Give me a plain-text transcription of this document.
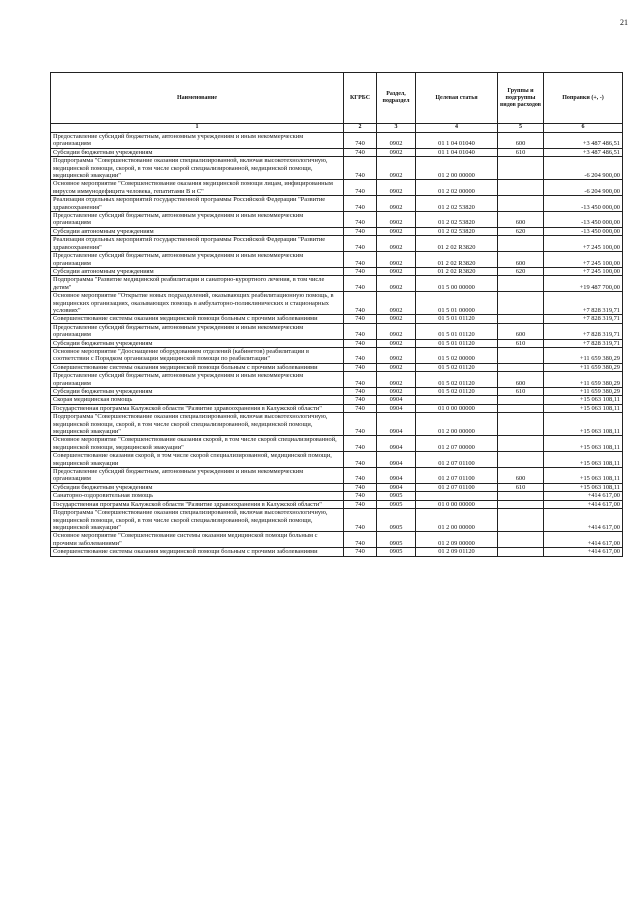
21
Наименование	КГРБС	Раздел, подраздел	Целевая статья	Группы и подгруппы видов расходов	Поправки (+, -)
1	2	3	4	5	6
Предоставление субсидий бюджетным, автономным учреждениям и иным некоммерческим организациям	740	0902	01 1 04 01040	600	+3 487 486,51
Субсидии бюджетным учреждениям	740	0902	01 1 04 01040	610	+3 487 486,51
Подпрограмма "Совершенствование оказания специализированной, включая высокотехнологичную, медицинской помощи, скорой, в том числе скорой специализированной, медицинской помощи, медицинской эвакуации"	740	0902	01 2 00 00000		-6 204 900,00
Основное мероприятие "Совершенствование оказания медицинской помощи лицам, инфицированным вирусом иммунодефицита человека, гепатитами B и C"	740	0902	01 2 02 00000		-6 204 900,00
Реализация отдельных мероприятий государственной программы Российской Федерации "Развитие здравоохранения"	740	0902	01 2 02 53820		-13 450 000,00
Предоставление субсидий бюджетным, автономным учреждениям и иным некоммерческим организациям	740	0902	01 2 02 53820	600	-13 450 000,00
Субсидии автономным учреждениям	740	0902	01 2 02 53820	620	-13 450 000,00
Реализация отдельных мероприятий государственной программы Российской Федерации "Развитие здравоохранения"	740	0902	01 2 02 R3820		+7 245 100,00
Предоставление субсидий бюджетным, автономным учреждениям и иным некоммерческим организациям	740	0902	01 2 02 R3820	600	+7 245 100,00
Субсидии автономным учреждениям	740	0902	01 2 02 R3820	620	+7 245 100,00
Подпрограмма "Развитие медицинской реабилитации и санаторно-курортного лечения, в том числе детям"	740	0902	01 5 00 00000		+19 487 700,00
Основное мероприятие "Открытие новых подразделений, оказывающих реабилитационную помощь, в медицинских организациях, оказывающих помощь в амбулаторно-поликлинических и стационарных условиях"	740	0902	01 5 01 00000		+7 828 319,71
Совершенствование системы оказания медицинской помощи больным с прочими заболеваниями	740	0902	01 5 01 01120		+7 828 319,71
Предоставление субсидий бюджетным, автономным учреждениям и иным некоммерческим организациям	740	0902	01 5 01 01120	600	+7 828 319,71
Субсидии бюджетным учреждениям	740	0902	01 5 01 01120	610	+7 828 319,71
Основное мероприятие "Дооснащение оборудованием отделений (кабинетов) реабилитации в соответствии с Порядком организации медицинской помощи по реабилитации"	740	0902	01 5 02 00000		+11 659 380,29
Совершенствование системы оказания медицинской помощи больным с прочими заболеваниями	740	0902	01 5 02 01120		+11 659 380,29
Предоставление субсидий бюджетным, автономным учреждениям и иным некоммерческим организациям	740	0902	01 5 02 01120	600	+11 659 380,29
Субсидии бюджетным учреждениям	740	0902	01 5 02 01120	610	+11 659 380,29
Скорая медицинская помощь	740	0904			+15 063 108,11
Государственная программа Калужской области "Развитие здравоохранения в Калужской области"	740	0904	01 0 00 00000		+15 063 108,11
Подпрограмма "Совершенствование оказания специализированной, включая высокотехнологичную, медицинской помощи, скорой, в том числе скорой специализированной, медицинской помощи, медицинской эвакуации"	740	0904	01 2 00 00000		+15 063 108,11
Основное мероприятие "Совершенствование оказания скорой, в том числе скорой специализированной, медицинской помощи, медицинской эвакуации"	740	0904	01 2 07 00000		+15 063 108,11
Совершенствование оказания скорой, в том числе скорой специализированной, медицинской помощи, медицинской эвакуации	740	0904	01 2 07 01100		+15 063 108,11
Предоставление субсидий бюджетным, автономным учреждениям и иным некоммерческим организациям	740	0904	01 2 07 01100	600	+15 063 108,11
Субсидии бюджетным учреждениям	740	0904	01 2 07 01100	610	+15 063 108,11
Санаторно-оздоровительная помощь	740	0905			+414 617,00
Государственная программа Калужской области "Развитие здравоохранения в Калужской области"	740	0905	01 0 00 00000		+414 617,00
Подпрограмма "Совершенствование оказания специализированной, включая высокотехнологичную, медицинской помощи, скорой, в том числе скорой специализированной, медицинской помощи, медицинской эвакуации"	740	0905	01 2 00 00000		+414 617,00
Основное мероприятие "Совершенствование системы оказания медицинской помощи больным с прочими заболеваниями"	740	0905	01 2 09 00000		+414 617,00
Совершенствование системы оказания медицинской помощи больным с прочими заболеваниями	740	0905	01 2 09 01120		+414 617,00
